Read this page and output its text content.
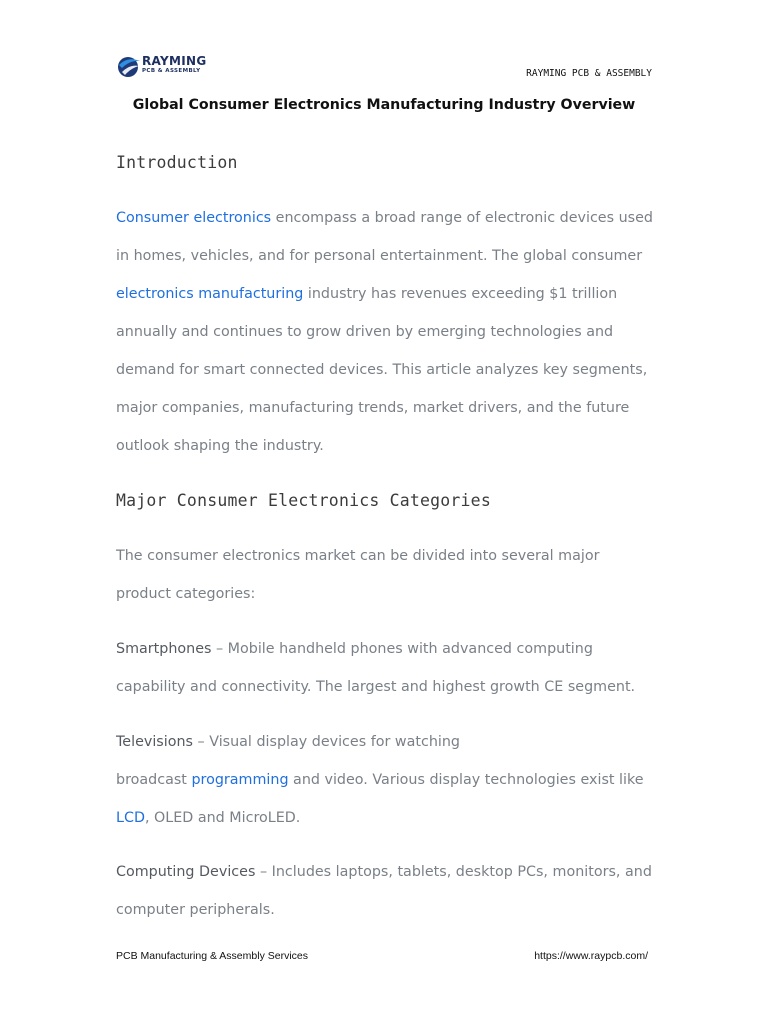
RAYMING
PCB & ASSEMBLY	RAYMING PCB & ASSEMBLY
Global Consumer Electronics Manufacturing Industry Overview
Introduction

Consumer electronics encompass a broad range of electronic devices used in homes, vehicles, and for personal entertainment. The global consumer electronics manufacturing industry has revenues exceeding $1 trillion annually and continues to grow driven by emerging technologies and demand for smart connected devices. This article analyzes key segments, major companies, manufacturing trends, market drivers, and the future outlook shaping the industry.

Major Consumer Electronics Categories

The consumer electronics market can be divided into several major product categories:

Smartphones – Mobile handheld phones with advanced computing capability and connectivity. The largest and highest growth CE segment.

Televisions – Visual display devices for watching
broadcast programming and video. Various display technologies exist like LCD, OLED and MicroLED.

Computing Devices – Includes laptops, tablets, desktop PCs, monitors, and computer peripherals.

PCB Manufacturing & Assembly Services	https://www.raypcb.com/
